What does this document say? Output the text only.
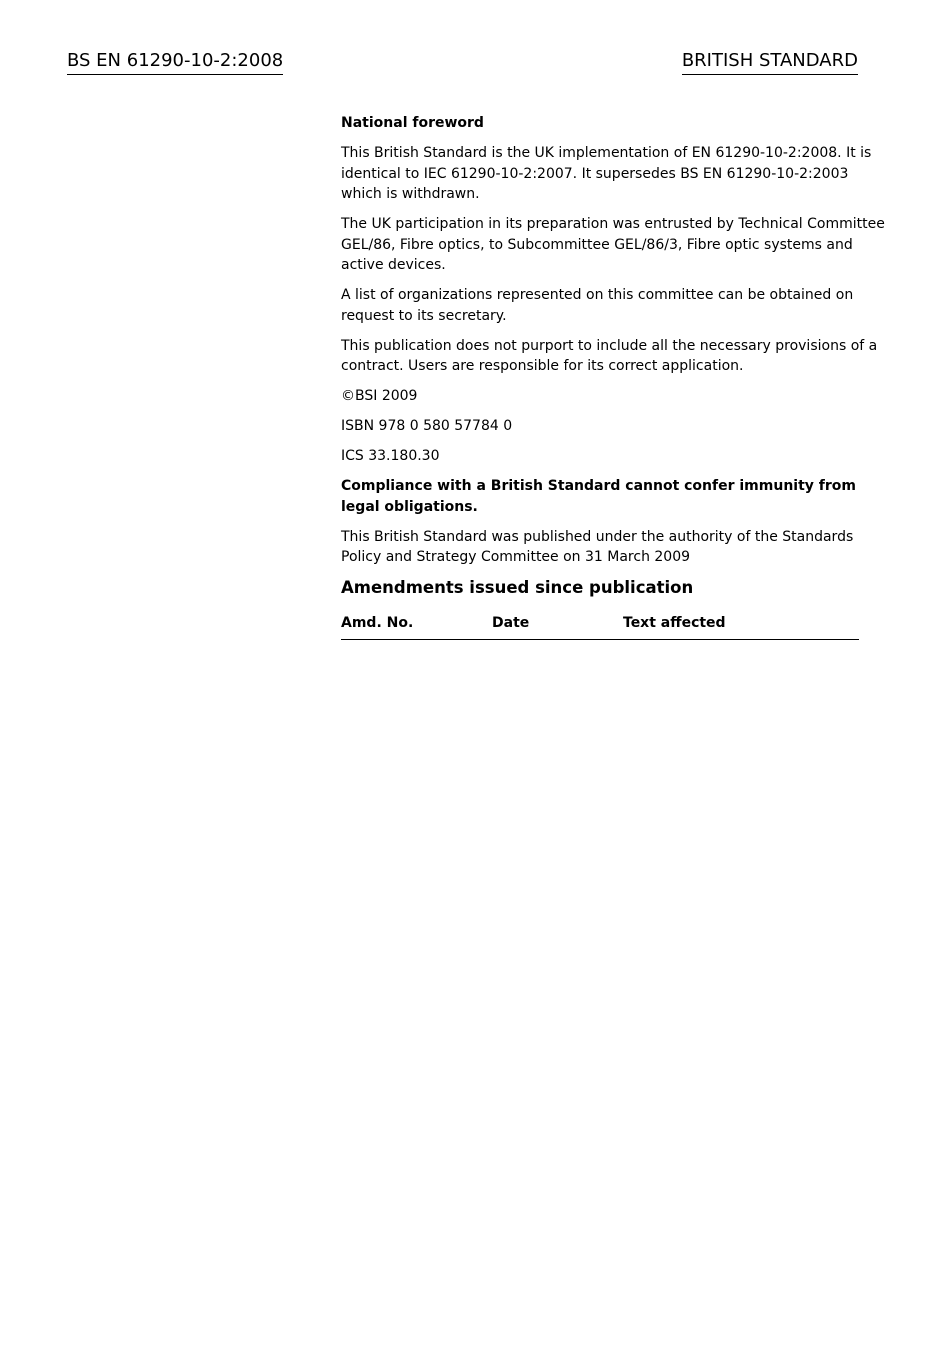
BS EN 61290-10-2:2008	BRITISH STANDARD

National foreword

This British Standard is the UK implementation of EN 61290-10-2:2008. It is
identical to IEC 61290-10-2:2007. It supersedes BS EN 61290-10-2:2003
which is withdrawn.

The UK participation in its preparation was entrusted by Technical Committee
GEL/86, Fibre optics, to Subcommittee GEL/86/3, Fibre optic systems and
active devices.

A list of organizations represented on this committee can be obtained on
request to its secretary.

This publication does not purport to include all the necessary provisions of a
contract. Users are responsible for its correct application.

©BSI 2009

ISBN 978 0 580 57784 0

ICS 33.180.30

Compliance with a British Standard cannot confer immunity from
legal obligations.

This British Standard was published under the authority of the Standards
Policy and Strategy Committee on 31 March 2009

Amendments issued since publication
Amd. No.	Date	Text affected
